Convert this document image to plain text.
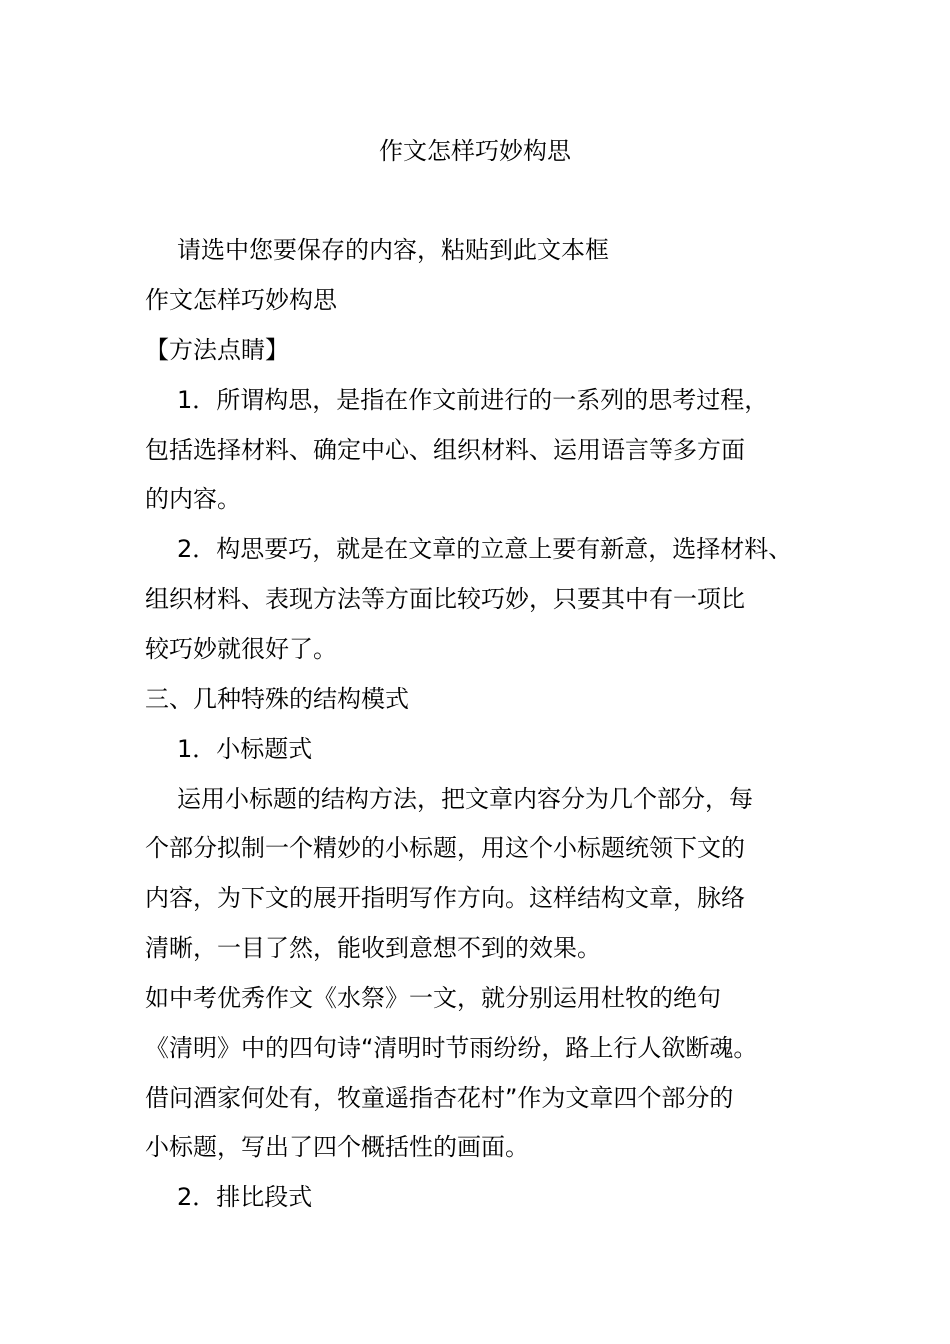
作文怎样巧妙构思
请选中您要保存的内容，粘贴到此文本框
作文怎样巧妙构思
【方法点睛】
1．所谓构思，是指在作文前进行的一系列的思考过程，
包括选择材料、确定中心、组织材料、运用语言等多方面
的内容。
2．构思要巧，就是在文章的立意上要有新意，选择材料、
组织材料、表现方法等方面比较巧妙，只要其中有一项比
较巧妙就很好了。
三、几种特殊的结构模式
1．小标题式
运用小标题的结构方法，把文章内容分为几个部分，每
个部分拟制一个精妙的小标题，用这个小标题统领下文的
内容，为下文的展开指明写作方向。这样结构文章，脉络
清晰，一目了然，能收到意想不到的效果。
如中考优秀作文《水祭》一文，就分别运用杜牧的绝句
《清明》中的四句诗“清明时节雨纷纷，路上行人欲断魂。
借问酒家何处有，牧童遥指杏花村”作为文章四个部分的
小标题，写出了四个概括性的画面。
2．排比段式
